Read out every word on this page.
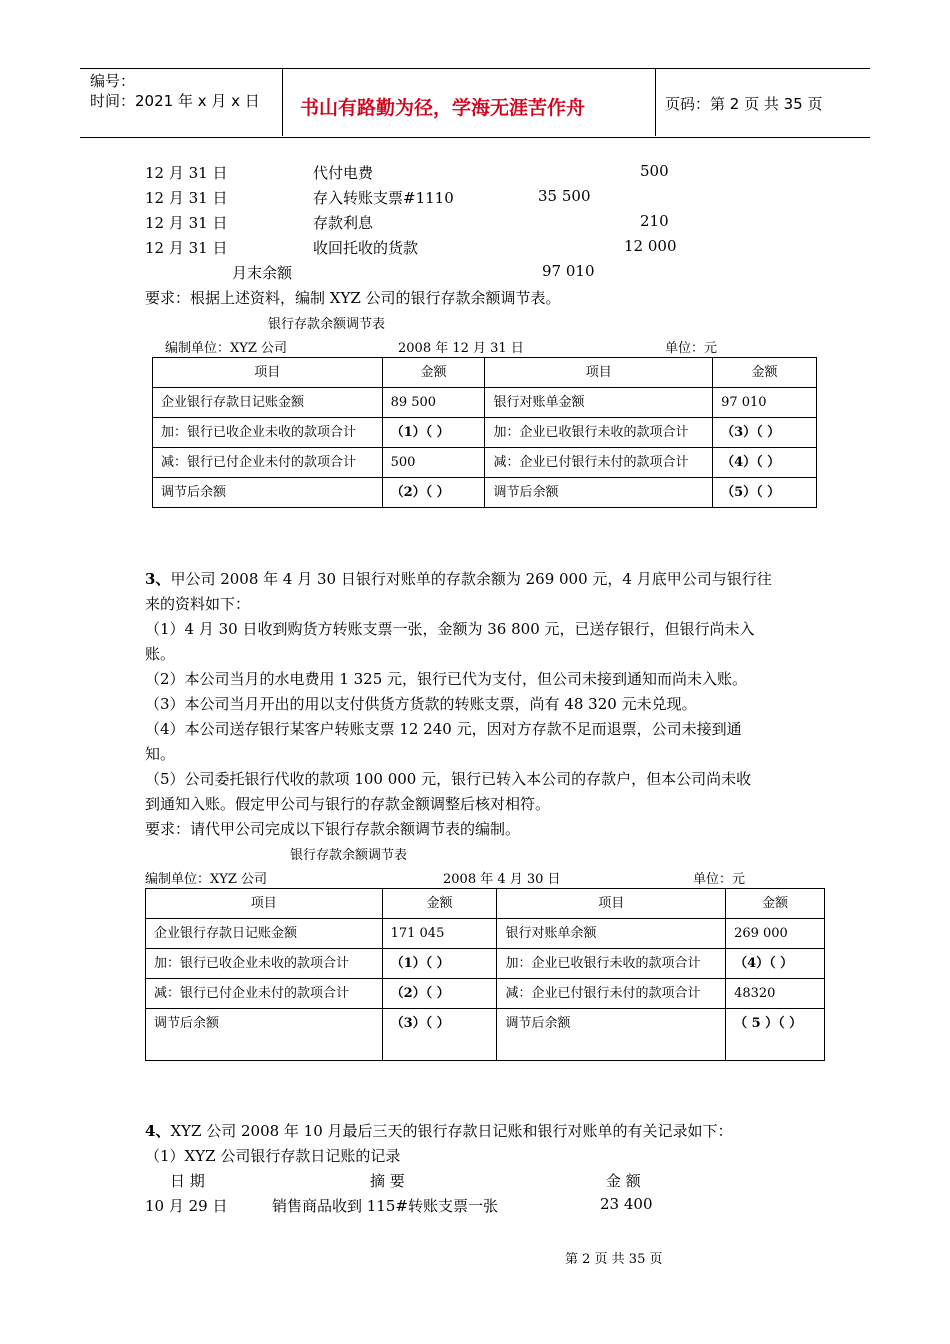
编号：
时间：2021 年 x 月 x 日 书山有路勤为径，学海无涯苦作舟	页码：第 2 页 共 35 页
12 月 31 日	代付电费	500
12 月 31 日	存入转账支票#1110	35 500
12 月 31 日	存款利息	210
12 月 31 日	收回托收的货款	12 000
月末余额	97 010
要求：根据上述资料，编制 XYZ 公司的银行存款余额调节表。
银行存款余额调节表
编制单位：XYZ 公司	2008 年 12 月 31 日	单位：元
项目	金额	项目	金额
企业银行存款日记账金额	89 500	银行对账单金额	97 010
加：银行已收企业未收的款项合计	（1）（ ）	加：企业已收银行未收的款项合计	（3）（ ）
减：银行已付企业未付的款项合计	500	减：企业已付银行未付的款项合计	（4）（ ）
调节后余额	（2）（ ）	调节后余额	（5）（ ）
3、甲公司 2008 年 4 月 30 日银行对账单的存款余额为 269 000 元，4 月底甲公司与银行往
来的资料如下：
（1）4 月 30 日收到购货方转账支票一张，金额为 36 800 元，已送存银行，但银行尚未入
账。
（2）本公司当月的水电费用 1 325 元，银行已代为支付，但公司未接到通知而尚未入账。
（3）本公司当月开出的用以支付供货方货款的转账支票，尚有 48 320 元未兑现。
（4）本公司送存银行某客户转账支票 12 240 元，因对方存款不足而退票，公司未接到通
知。
（5）公司委托银行代收的款项 100 000 元，银行已转入本公司的存款户，但本公司尚未收
到通知入账。假定甲公司与银行的存款金额调整后核对相符。
要求：请代甲公司完成以下银行存款余额调节表的编制。
银行存款余额调节表
编制单位：XYZ 公司	2008 年 4 月 30 日	单位：元
项目	金额	项目	金额
企业银行存款日记账金额	171 045	银行对账单余额	269 000
加：银行已收企业未收的款项合计	（1）（ ）	加：企业已收银行未收的款项合计	（4）（ ）
减：银行已付企业未付的款项合计	（2）（ ）	减：企业已付银行未付的款项合计	48320
调节后余额	（3）（ ）	调节后余额	（ 5 ）（ ）
4、XYZ 公司 2008 年 10 月最后三天的银行存款日记账和银行对账单的有关记录如下：
（1）XYZ 公司银行存款日记账的记录
日 期	摘 要	金 额
10 月 29 日	销售商品收到 115#转账支票一张	23 400
第 2 页 共 35 页
